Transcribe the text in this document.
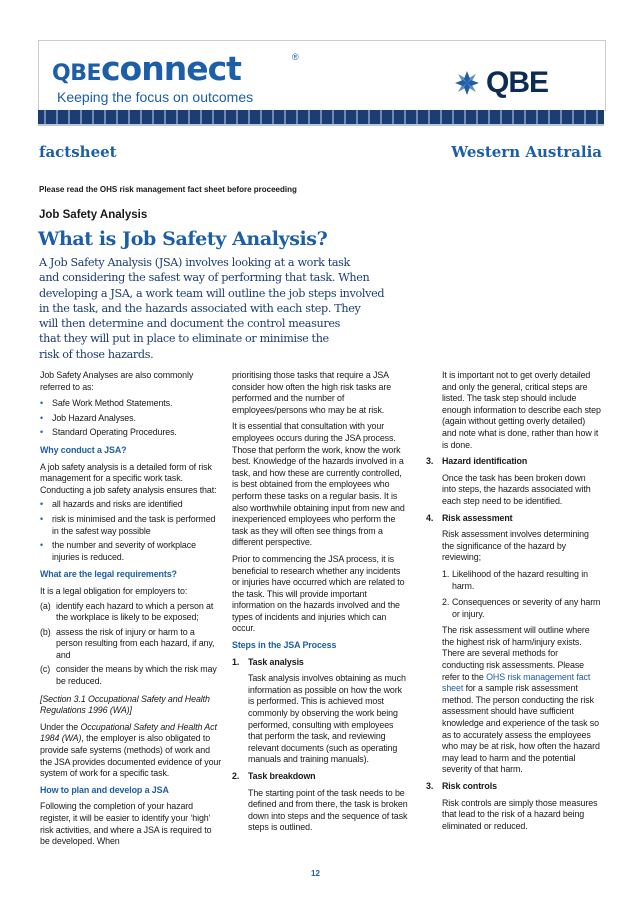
QBEconnect	®
Keeping the focus on outcomes	QBE
factsheet	Western Australia
Please read the OHS risk management fact sheet before proceeding
Job Safety Analysis
What is Job Safety Analysis?
A Job Safety Analysis (JSA) involves looking at a work task
and considering the safest way of performing that task. When
developing a JSA, a work team will outline the job steps involved
in the task, and the hazards associated with each step. They
will then determine and document the control measures
that they will put in place to eliminate or minimise the
risk of those hazards.

Job Safety Analyses are also commonly referred to as:

• Safe Work Method Statements.
• Job Hazard Analyses.
• Standard Operating Procedures.

Why conduct a JSA?

A job safety analysis is a detailed form of risk management for a specific work task. Conducting a job safety analysis ensures that:

• all hazards and risks are identified
• risk is minimised and the task is performed in the safest way possible
• the number and severity of workplace injuries is reduced.

What are the legal requirements?

It is a legal obligation for employers to:

(a) identify each hazard to which a person at the workplace is likely to be exposed;
(b) assess the risk of injury or harm to a person resulting from each hazard, if any, and
(c) consider the means by which the risk may be reduced.

[Section 3.1 Occupational Safety and Health Regulations 1996 (WA)]

Under the Occupational Safety and Health Act 1984 (WA), the employer is also obligated to provide safe systems (methods) of work and the JSA provides documented evidence of your system of work for a specific task.

How to plan and develop a JSA

Following the completion of your hazard register, it will be easier to identify your ‘high’ risk activities, and where a JSA is required to be developed. When

prioritising those tasks that require a JSA consider how often the high risk tasks are performed and the number of employees/persons who may be at risk.

It is essential that consultation with your employees occurs during the JSA process. Those that perform the work, know the work best. Knowledge of the hazards involved in a task, and how these are currently controlled, is best obtained from the employees who perform these tasks on a regular basis. It is also worthwhile obtaining input from new and inexperienced employees who perform the task as they will often see things from a different perspective.

Prior to commencing the JSA process, it is beneficial to research whether any incidents or injuries have occurred which are related to the task. This will provide important information on the hazards involved and the types of incidents and injuries which can occur.

Steps in the JSA Process

1. Task analysis

Task analysis involves obtaining as much information as possible on how the work is performed. This is achieved most commonly by observing the work being performed, consulting with employees that perform the task, and reviewing relevant documents (such as operating manuals and training manuals).

2. Task breakdown

The starting point of the task needs to be defined and from there, the task is broken down into steps and the sequence of task steps is outlined.

It is important not to get overly detailed and only the general, critical steps are listed. The task step should include enough information to describe each step (again without getting overly detailed) and note what is done, rather than how it is done.

3. Hazard identification

Once the task has been broken down into steps, the hazards associated with each step need to be identified.

4. Risk assessment

Risk assessment involves determining the significance of the hazard by reviewing;

1. Likelihood of the hazard resulting in harm.

2. Consequences or severity of any harm or injury.

The risk assessment will outline where the highest risk of harm/injury exists. There are several methods for conducting risk assessments. Please refer to the OHS risk management fact sheet for a sample risk assessment method. The person conducting the risk assessment should have sufficient knowledge and experience of the task so as to accurately assess the employees who may be at risk, how often the hazard may lead to harm and the potential severity of that harm.

3. Risk controls

Risk controls are simply those measures that lead to the risk of a hazard being eliminated or reduced.

12
